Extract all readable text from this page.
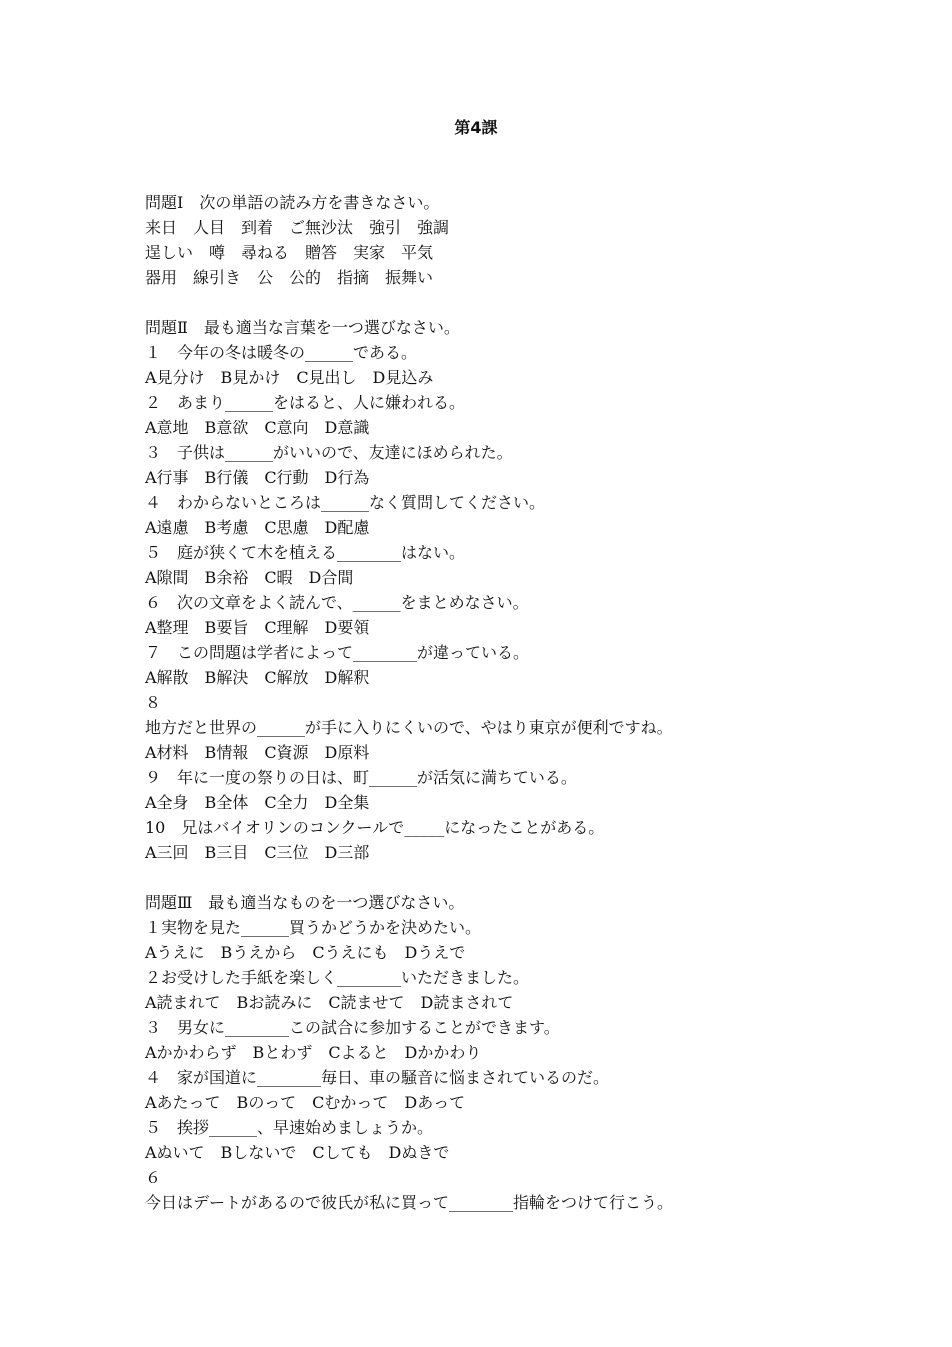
第4課
問題Ⅰ　次の単語の読み方を書きなさい。
来日　人目　到着　ご無沙汰　強引　強調
逞しい　噂　尋ねる　贈答　実家　平気
器用　線引き　公　公的　指摘　振舞い
問題Ⅱ　最も適当な言葉を一つ選びなさい。
１　今年の冬は暖冬の______である。
A見分け　B見かけ　C見出し　D見込み
２　あまり______をはると、人に嫌われる。
A意地　B意欲　C意向　D意識
３　子供は______がいいので、友達にほめられた。
A行事　B行儀　C行動　D行為
４　わからないところは______なく質問してください。
A遠慮　B考慮　C思慮　D配慮
５　庭が狭くて木を植える________はない。
A隙間　B余裕　C暇　D合間
６　次の文章をよく読んで、______をまとめなさい。
A整理　B要旨　C理解　D要領
７　この問題は学者によって________が違っている。
A解散　B解決　C解放　D解釈
８
地方だと世界の______が手に入りにくいので、やはり東京が便利ですね。
A材料　B情報　C資源　D原料
９　年に一度の祭りの日は、町______が活気に満ちている。
A全身　B全体　C全力　D全集
10　兄はバイオリンのコンクールで_____になったことがある。
A三回　B三目　C三位　D三部
問題Ⅲ　最も適当なものを一つ選びなさい。
１実物を見た______買うかどうかを決めたい。
Aうえに　Bうえから　Cうえにも　Dうえで
２お受けした手紙を楽しく________いただきました。
A読まれて　Bお読みに　C読ませて　D読まされて
３　男女に________この試合に参加することができます。
Aかかわらず　Bとわず　Cよると　Dかかわり
４　家が国道に________毎日、車の騒音に悩まされているのだ。
Aあたって　Bのって　Cむかって　Dあって
５　挨拶______、早速始めましょうか。
Aぬいて　Bしないで　Cしても　Dぬきで
６
今日はデートがあるので彼氏が私に買って________指輪をつけて行こう。
